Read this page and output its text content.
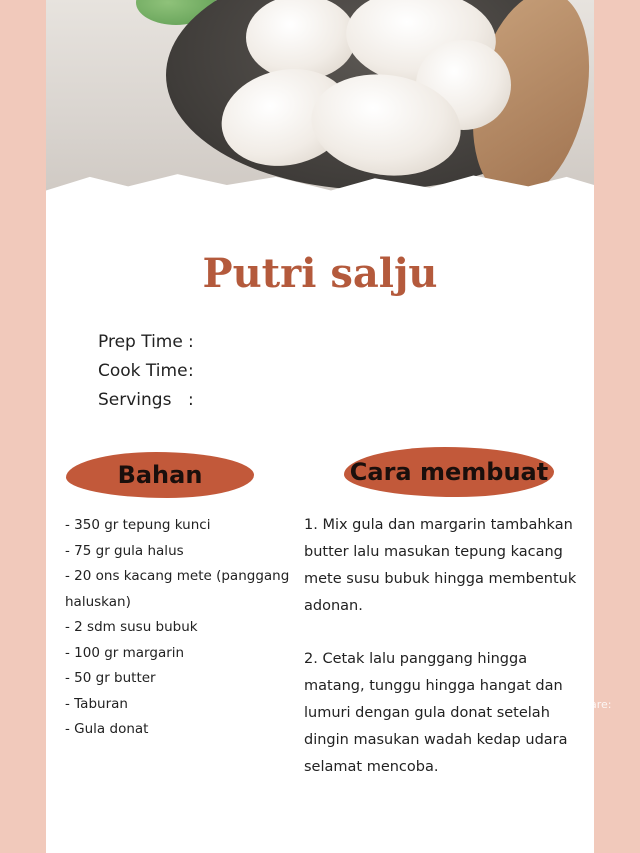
Putri salju
Prep Time :
Cook Time :
Servings :
Bahan	Cara membuat
- 350 gr tepung kunci
- 75 gr gula halus
- 20 ons kacang mete (panggang haluskan)
- 2 sdm susu bubuk
- 100 gr margarin
- 50 gr butter
- Taburan
- Gula donat

1. Mix gula dan margarin tambahkan butter lalu masukan tepung kacang mete susu bubuk hingga membentuk adonan.

2. Cetak lalu panggang hingga matang, tunggu hingga hangat dan lumuri dengan gula donat setelah dingin masukan wadah kedap udara selamat mencoba.

are:
